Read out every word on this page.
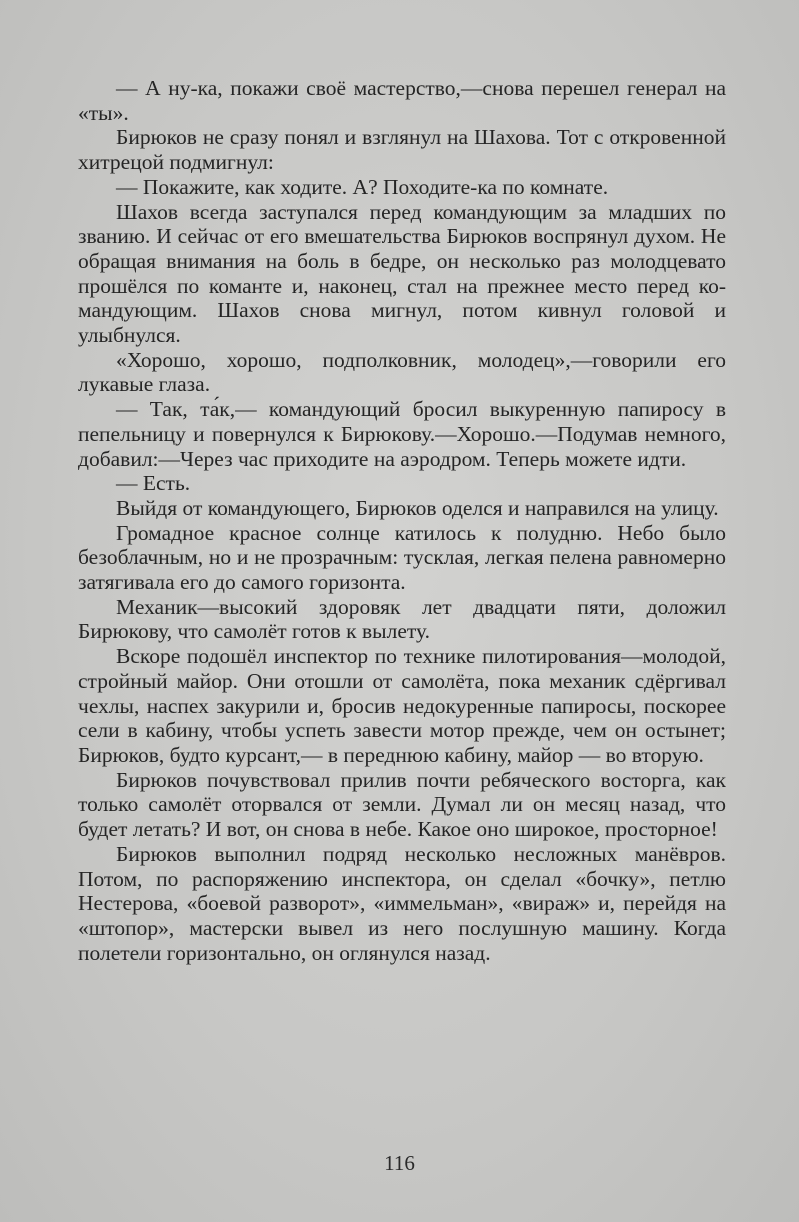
— А ну-ка, покажи своё мастерство,—снова перешел генерал на «ты».

Бирюков не сразу понял и взглянул на Шахова. Тот с откровенной хитрецой подмигнул:

— Покажите, как ходите. А? Походите-ка по комнате.

Шахов всегда заступался перед командующим за младших по званию. И сейчас от его вмешательства Бирюков воспрянул духом. Не обращая внимания на боль в бедре, он несколько раз молодцевато прошёлся по команте и, наконец, стал на прежнее место перед командующим. Шахов снова мигнул, потом кивнул головой и улыбнулся.

«Хорошо, хорошо, подполковник, молодец»,—говорили его лукавые глаза.

— Так, та́к,— командующий бросил выкуренную папиросу в пепельницу и повернулся к Бирюкову.—Хорошо.—Подумав немного, добавил:—Через час приходите на аэродром. Теперь можете идти.

— Есть.

Выйдя от командующего, Бирюков оделся и направился на улицу.

Громадное красное солнце катилось к полудню. Небо было безоблачным, но и не прозрачным: тусклая, легкая пелена равномерно затягивала его до самого горизонта.

Механик—высокий здоровяк лет двадцати пяти, доложил Бирюкову, что самолёт готов к вылету.

Вскоре подошёл инспектор по технике пилотирования—молодой, стройный майор. Они отошли от самолёта, пока механик сдёргивал чехлы, наспех закурили и, бросив недокуренные папиросы, поскорее сели в кабину, чтобы успеть завести мотор прежде, чем он остынет; Бирюков, будто курсант,— в переднюю кабину, майор — во вторую.

Бирюков почувствовал прилив почти ребяческого восторга, как только самолёт оторвался от земли. Думал ли он месяц назад, что будет летать? И вот, он снова в небе. Какое оно широкое, просторное!

Бирюков выполнил подряд несколько несложных манёвров. Потом, по распоряжению инспектора, он сделал «бочку», петлю Нестерова, «боевой разворот», «иммельман», «вираж» и, перейдя на «штопор», мастерски вывел из него послушную машину. Когда полетели горизонтально, он оглянулся назад.

116
